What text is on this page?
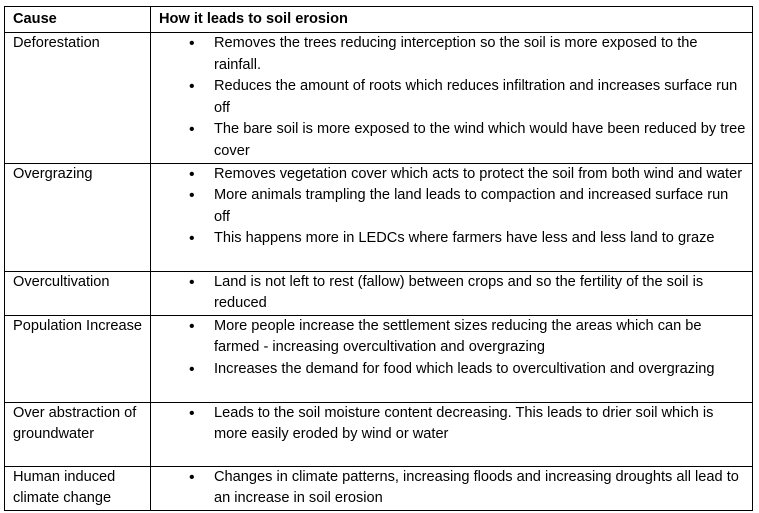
Cause	How it leads to soil erosion
Deforestation	
•Removes the trees reducing interception so the soil is more exposed to the rainfall.
• Reduces the amount of roots which reduces infiltration and increases surface run off
• The bare soil is more exposed to the wind which would have been reduced by tree cover

Overgrazing	
•Removes vegetation cover which acts to protect the soil from both wind and water
• More animals trampling the land leads to compaction and increased surface run off
• This happens more in LEDCs where farmers have less and less land to graze

Overcultivation	
•Land is not left to rest (fallow) between crops and so the fertility of the soil is reduced

Population Increase	
•More people increase the settlement sizes reducing the areas which can be farmed - increasing overcultivation and overgrazing
• Increases the demand for food which leads to overcultivation and overgrazing

Over abstraction of groundwater	
• Leads to the soil moisture content decreasing. This leads to drier soil which is more easily eroded by wind or water

Human induced climate change	
• Changes in climate patterns, increasing floods and increasing droughts all lead to an increase in soil erosion
